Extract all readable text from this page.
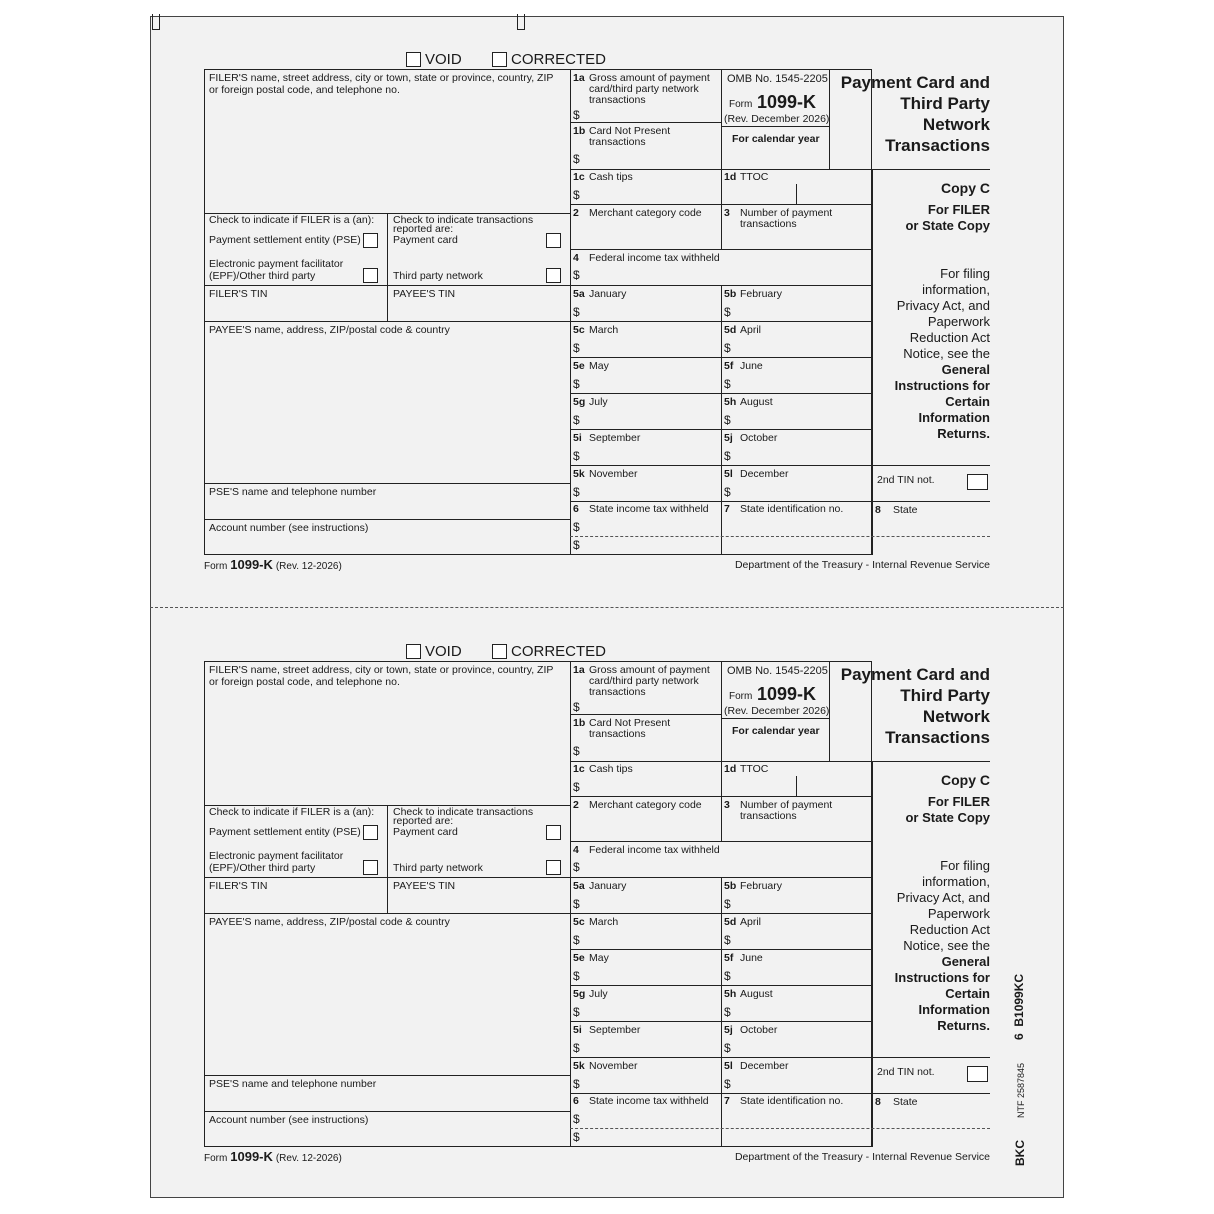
VOID	CORRECTED
FILER'S name, street address, city or town, state or province, country, ZIP
or foreign postal code, and telephone no.
OMB No. 1545-2205
Form 1099-K
(Rev. December 2026)
For calendar year
Payment Card and
Third Party
Network
Transactions
1a Gross amount of payment
card/third party network
transactions
$
1b Card Not Present
transactions
$
1c Cash tips
$
1d TTOC
2 Merchant category code 3 Number of payment
transactions
4 Federal income tax withheld
$
Copy C
For FILER
or State Copy
For filing
information,
Privacy Act, and
Paperwork
Reduction Act
Notice, see the
General
Instructions for
Certain
Information
Returns.
Check to indicate if FILER is a (an):
Payment settlement entity (PSE)
Electronic payment facilitator
(EPF)/Other third party
Check to indicate transactions
reported are:
Payment card
Third party network
FILER'S TIN	PAYEE'S TIN
PAYEE'S name, address, ZIP/postal code & country
PSE'S name and telephone number
Account number (see instructions)
5a January
$
5b February
$
5c March
$
5d April
$
5e May
$
5f June
$
5g July
$
5h August
$
5i September
$
5j October
$
5k November
$
5l December
$
2nd TIN not.
6 State income tax withheld
$
$
7 State identification no.	8 State
Form 1099-K (Rev. 12-2026)	Department of the Treasury - Internal Revenue Service
VOID	CORRECTED
FILER'S name, street address, city or town, state or province, country, ZIP
or foreign postal code, and telephone no.
OMB No. 1545-2205
Form 1099-K
(Rev. December 2026)
For calendar year
Payment Card and
Third Party
Network
Transactions
1a Gross amount of payment
card/third party network
transactions
$
1b Card Not Present
transactions
$
1c Cash tips
$
1d TTOC
2 Merchant category code 3 Number of payment
transactions
4 Federal income tax withheld
$
Copy C
For FILER
or State Copy
For filing
information,
Privacy Act, and
Paperwork
Reduction Act
Notice, see the
General
Instructions for
Certain
Information
Returns.
Check to indicate if FILER is a (an):
Payment settlement entity (PSE)
Electronic payment facilitator
(EPF)/Other third party
Check to indicate transactions
reported are:
Payment card
Third party network
FILER'S TIN	PAYEE'S TIN
PAYEE'S name, address, ZIP/postal code & country
PSE'S name and telephone number
Account number (see instructions)
5a January
$
5b February
$
5c March
$
5d April
$
5e May
$
5f June
$
5g July
$
5h August
$
5i September
$
5j October
$
5k November
$
5l December
$
2nd TIN not.
6 State income tax withheld
$
$
7 State identification no.	8 State
Form 1099-K (Rev. 12-2026)	Department of the Treasury - Internal Revenue Service
6  B1099KC
NTF 2587845
BKC
